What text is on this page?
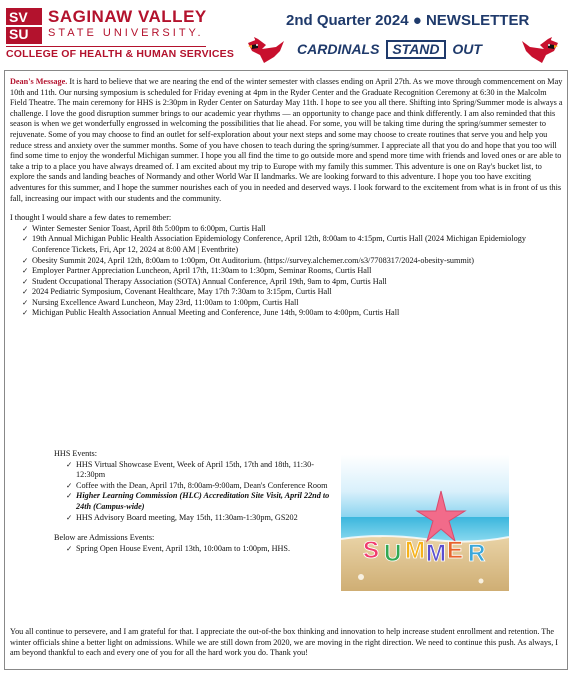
SV
SU
SAGINAW VALLEY
STATE UNIVERSITY.
COLLEGE OF HEALTH & HUMAN SERVICES
2nd Quarter 2024 ● NEWSLETTER
CARDINALS STAND OUT

Dean's Message. It is hard to believe that we are nearing the end of the winter semester with classes ending on April 27th. As we move through commencement on May 10th and 11th. Our nursing symposium is scheduled for Friday evening at 4pm in the Ryder Center and the Graduate Recognition Ceremony at 6:30 in the Malcolm Field Theatre. The main ceremony for HHS is 2:30pm in Ryder Center on Saturday May 11th. I hope to see you all there. Shifting into Spring/Summer mode is always a challenge. I love the good disruption summer brings to our academic year rhythms — an opportunity to change pace and think differently. I am also reminded that this season is when we get wonderfully engrossed in welcoming the possibilities that lie ahead. For some, you will be taking time during the spring/summer semester to rejuvenate. Some of you may choose to find an outlet for self-exploration about your next steps and some may choose to create routines that serve you and help you reduce stress and anxiety over the summer months. Some of you have chosen to teach during the spring/summer. I appreciate all that you do and hope that you too will find some time to enjoy the wonderful Michigan summer. I hope you all find the time to go outside more and spend more time with friends and loved ones or are able to take a trip to a place you have always dreamed of. I am excited about my trip to Europe with my family this summer. This adventure is one on Ray's bucket list, to explore the sands and landing beaches of Normandy and other World War II landmarks. We are looking forward to this adventure. I hope you too have exciting adventures for this summer, and I hope the summer nourishes each of you in needed and deserved ways. I look forward to the excitement from what is in front of us this fall, increasing our impact with our students and the community.

I thought I would share a few dates to remember:

✓ Winter Semester Senior Toast, April 8th 5:00pm to 6:00pm, Curtis Hall
✓ 19th Annual Michigan Public Health Association Epidemiology Conference, April 12th, 8:00am to 4:15pm, Curtis Hall (2024 Michigan Epidemiology Conference Tickets, Fri, Apr 12, 2024 at 8:00 AM | Eventbrite)
✓ Obesity Summit 2024, April 12th, 8:00am to 1:00pm, Ott Auditorium. (https://survey.alchemer.com/s3/7708317/2024-obesity-summit)
✓ Employer Partner Appreciation Luncheon, April 17th, 11:30am to 1:30pm, Seminar Rooms, Curtis Hall
✓ Student Occupational Therapy Association (SOTA) Annual Conference, April 19th, 9am to 4pm, Curtis Hall
✓ 2024 Pediatric Symposium, Covenant Healthcare, May 17th 7:30am to 3:15pm, Curtis Hall
✓ Nursing Excellence Award Luncheon, May 23rd, 11:00am to 1:00pm, Curtis Hall
✓ Michigan Public Health Association Annual Meeting and Conference, June 14th, 9:00am to 4:00pm, Curtis Hall

HHS Events:

✓ HHS Virtual Showcase Event, Week of April 15th, 17th and 18th, 11:30-12:30pm
✓ Coffee with the Dean, April 17th, 8:00am-9:00am, Dean's Conference Room
✓ Higher Learning Commission (HLC) Accreditation Site Visit, April 22nd to 24th (Campus-wide)
✓ HHS Advisory Board meeting, May 15th, 11:30am-1:30pm, GS202

Below are Admissions Events:

✓ Spring Open House Event, April 13th, 10:00am to 1:00pm, HHS.	S U M M E R

You all continue to persevere, and I am grateful for that. I appreciate the out-of-the box thinking and innovation to help increase student enrollment and retention. The winter officials shine a better light on admissions. While we are still down from 2020, we are moving in the right direction. We need to continue this push. As always, I am beyond thankful to each and every one of you for all the hard work you do. Thank you!
